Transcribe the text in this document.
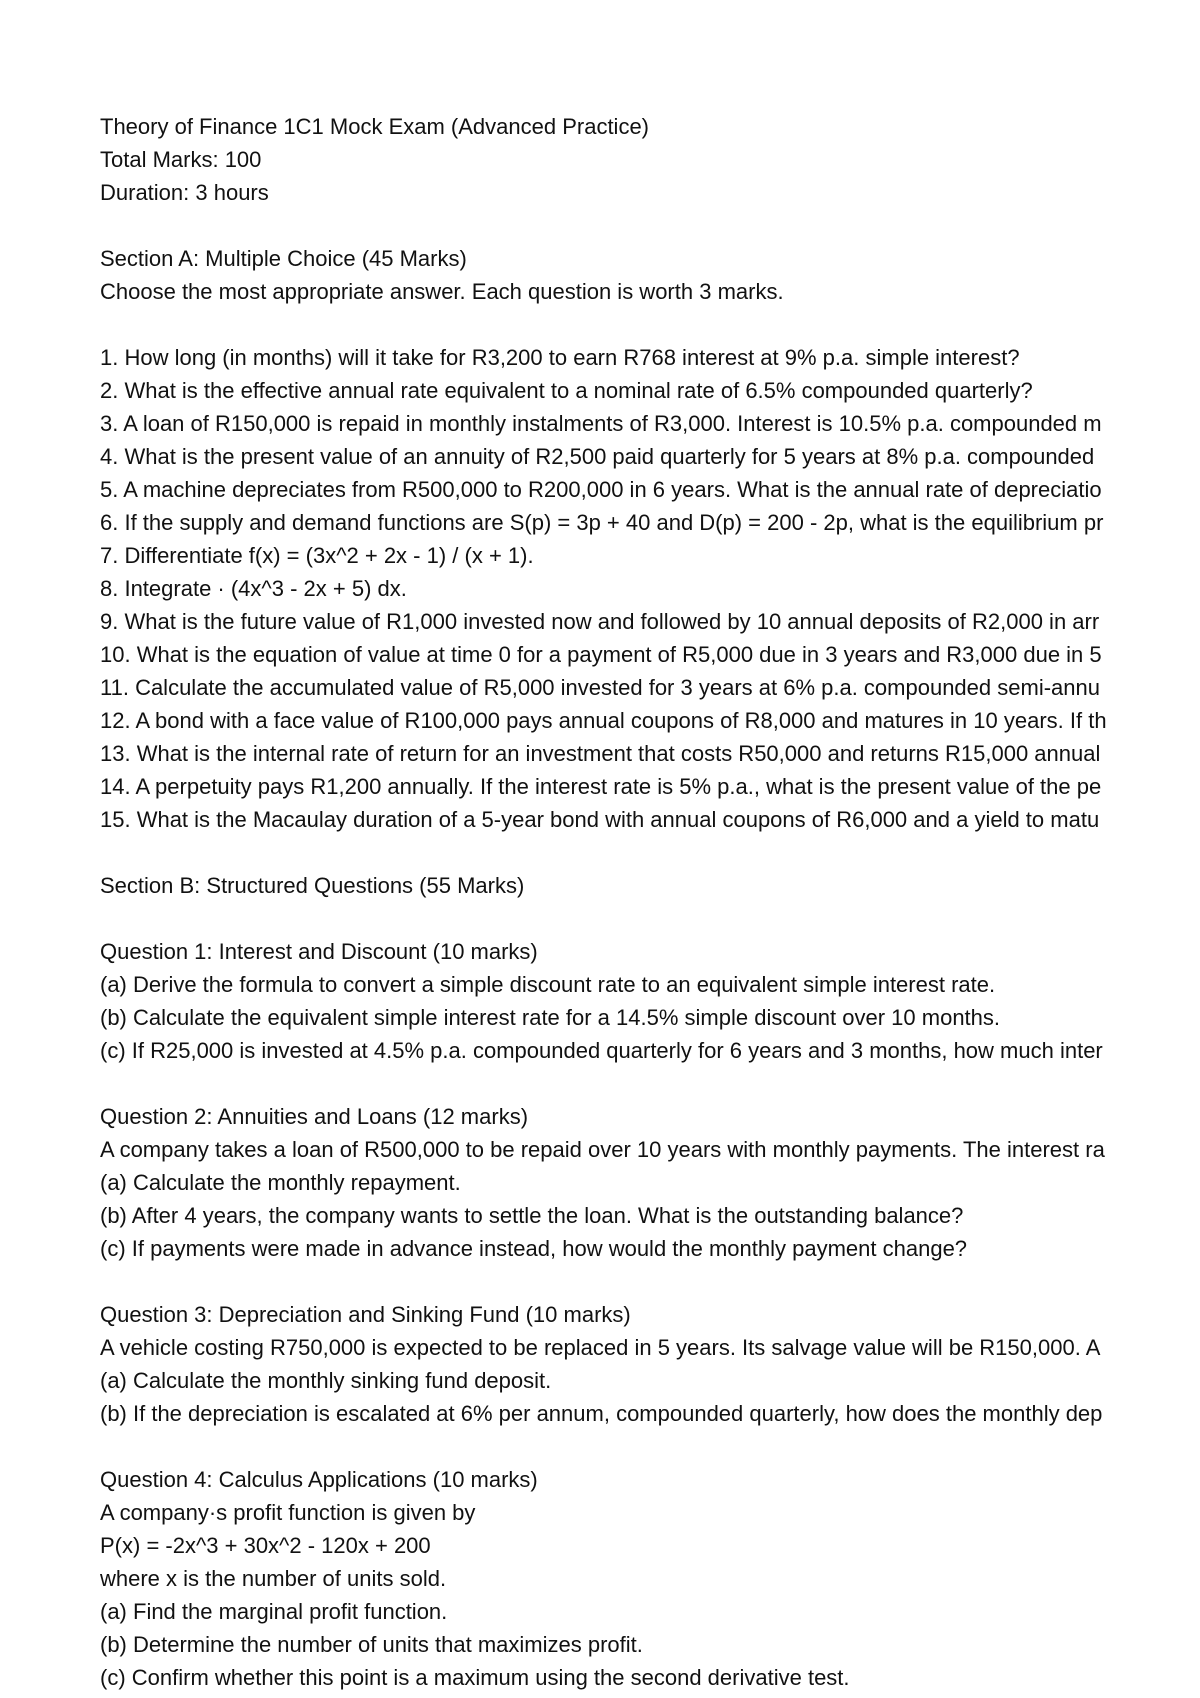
Theory of Finance 1C1 Mock Exam (Advanced Practice)
Total Marks: 100
Duration: 3 hours
Section A: Multiple Choice (45 Marks)
Choose the most appropriate answer. Each question is worth 3 marks.
1. How long (in months) will it take for R3,200 to earn R768 interest at 9% p.a. simple interest?
2. What is the effective annual rate equivalent to a nominal rate of 6.5% compounded quarterly?
3. A loan of R150,000 is repaid in monthly instalments of R3,000. Interest is 10.5% p.a. compounded m
4. What is the present value of an annuity of R2,500 paid quarterly for 5 years at 8% p.a. compounded
5. A machine depreciates from R500,000 to R200,000 in 6 years. What is the annual rate of depreciatio
6. If the supply and demand functions are S(p) = 3p + 40 and D(p) = 200 - 2p, what is the equilibrium pr
7. Differentiate f(x) = (3x^2 + 2x - 1) / (x + 1).
8. Integrate · (4x^3 - 2x + 5) dx.
9. What is the future value of R1,000 invested now and followed by 10 annual deposits of R2,000 in arr
10. What is the equation of value at time 0 for a payment of R5,000 due in 3 years and R3,000 due in 5
11. Calculate the accumulated value of R5,000 invested for 3 years at 6% p.a. compounded semi-annu
12. A bond with a face value of R100,000 pays annual coupons of R8,000 and matures in 10 years. If th
13. What is the internal rate of return for an investment that costs R50,000 and returns R15,000 annual
14. A perpetuity pays R1,200 annually. If the interest rate is 5% p.a., what is the present value of the pe
15. What is the Macaulay duration of a 5-year bond with annual coupons of R6,000 and a yield to matu
Section B: Structured Questions (55 Marks)
Question 1: Interest and Discount (10 marks)
(a) Derive the formula to convert a simple discount rate to an equivalent simple interest rate.
(b) Calculate the equivalent simple interest rate for a 14.5% simple discount over 10 months.
(c) If R25,000 is invested at 4.5% p.a. compounded quarterly for 6 years and 3 months, how much inter
Question 2: Annuities and Loans (12 marks)
A company takes a loan of R500,000 to be repaid over 10 years with monthly payments. The interest ra
(a) Calculate the monthly repayment.
(b) After 4 years, the company wants to settle the loan. What is the outstanding balance?
(c) If payments were made in advance instead, how would the monthly payment change?
Question 3: Depreciation and Sinking Fund (10 marks)
A vehicle costing R750,000 is expected to be replaced in 5 years. Its salvage value will be R150,000. A
(a) Calculate the monthly sinking fund deposit.
(b) If the depreciation is escalated at 6% per annum, compounded quarterly, how does the monthly dep
Question 4: Calculus Applications (10 marks)
A company·s profit function is given by
P(x) = -2x^3 + 30x^2 - 120x + 200
where x is the number of units sold.
(a) Find the marginal profit function.
(b) Determine the number of units that maximizes profit.
(c) Confirm whether this point is a maximum using the second derivative test.
